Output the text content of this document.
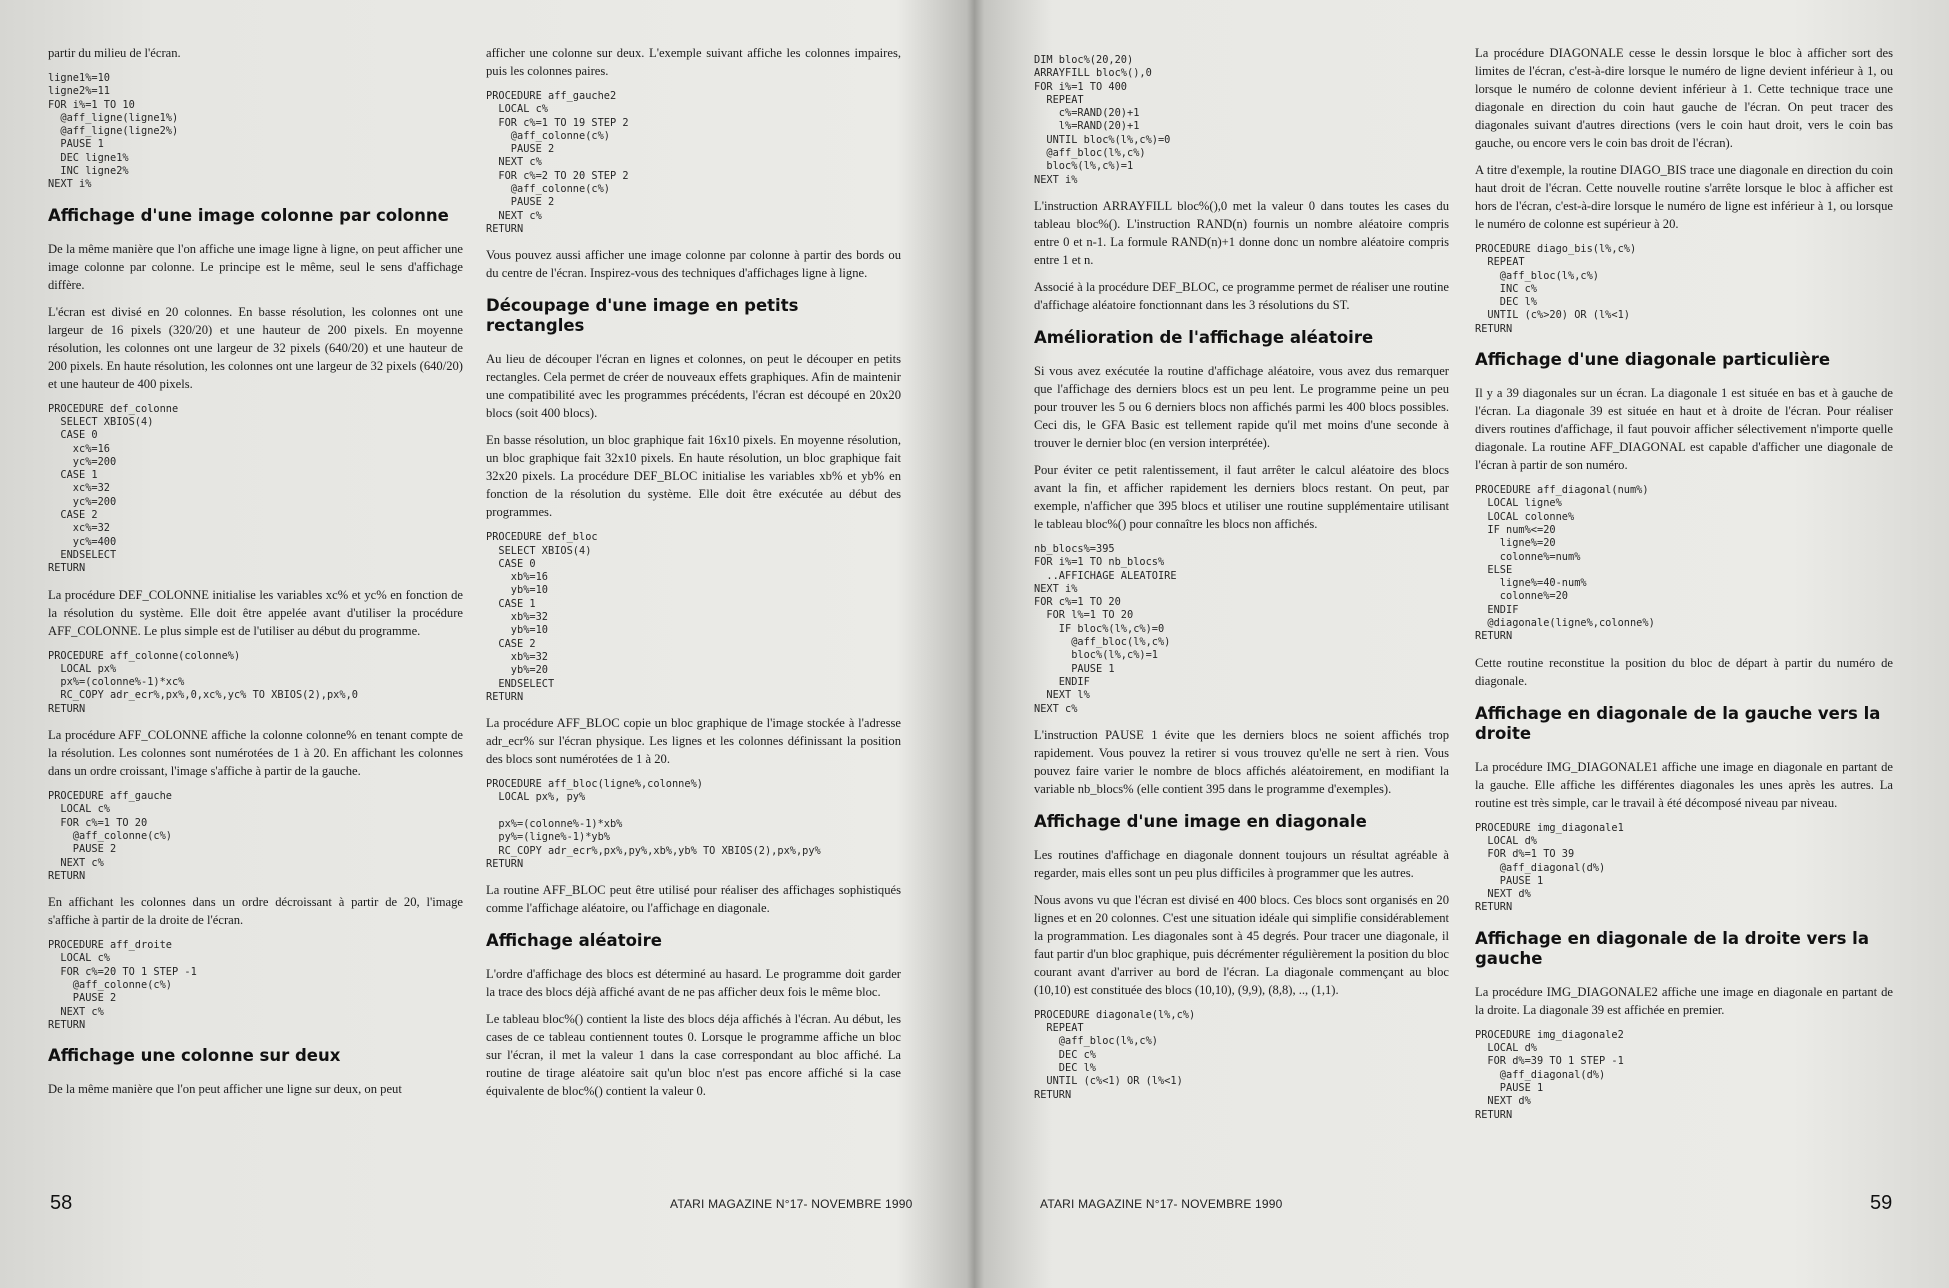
partir du milieu de l'écran.

ligne1%=10
ligne2%=11
FOR i%=1 TO 10
@aff_ligne(ligne1%)
@aff_ligne(ligne2%)
PAUSE 1
DEC ligne1%
INC ligne2%
NEXT i%
Affichage d'une image colonne par colonne

De la même manière que l'on affiche une image ligne à ligne, on peut afficher une image colonne par colonne. Le principe est le même, seul le sens d'affichage diffère.

L'écran est divisé en 20 colonnes. En basse résolution, les colonnes ont une largeur de 16 pixels (320/20) et une hauteur de 200 pixels. En moyenne résolution, les colonnes ont une largeur de 32 pixels (640/20) et une hauteur de 200 pixels. En haute résolution, les colonnes ont une largeur de 32 pixels (640/20) et une hauteur de 400 pixels.

PROCEDURE def_colonne
SELECT XBIOS(4)
CASE 0
xc%=16
yc%=200
CASE 1
xc%=32
yc%=200
CASE 2
xc%=32
yc%=400
ENDSELECT
RETURN

La procédure DEF_COLONNE initialise les variables xc% et yc% en fonction de la résolution du système. Elle doit être appelée avant d'utiliser la procédure AFF_COLONNE. Le plus simple est de l'utiliser au début du programme.

PROCEDURE aff_colonne(colonne%)
LOCAL px%
px%=(colonne%-1)*xc%
RC_COPY adr_ecr%,px%,0,xc%,yc% TO XBIOS(2),px%,0
RETURN

La procédure AFF_COLONNE affiche la colonne colonne% en tenant compte de la résolution. Les colonnes sont numérotées de 1 à 20. En affichant les colonnes dans un ordre croissant, l'image s'affiche à partir de la gauche.

PROCEDURE aff_gauche
LOCAL c%
FOR c%=1 TO 20
@aff_colonne(c%)
PAUSE 2
NEXT c%
RETURN

En affichant les colonnes dans un ordre décroissant à partir de 20, l'image s'affiche à partir de la droite de l'écran.

PROCEDURE aff_droite
LOCAL c%
FOR c%=20 TO 1 STEP -1
@aff_colonne(c%)
PAUSE 2
NEXT c%
RETURN
Affichage une colonne sur deux

De la même manière que l'on peut afficher une ligne sur deux, on peut

afficher une colonne sur deux. L'exemple suivant affiche les colonnes impaires, puis les colonnes paires.

PROCEDURE aff_gauche2
LOCAL c%
FOR c%=1 TO 19 STEP 2
@aff_colonne(c%)
PAUSE 2
NEXT c%
FOR c%=2 TO 20 STEP 2
@aff_colonne(c%)
PAUSE 2
NEXT c%
RETURN

Vous pouvez aussi afficher une image colonne par colonne à partir des bords ou du centre de l'écran. Inspirez-vous des techniques d'affichages ligne à ligne.

Découpage d'une image en petits rectangles

Au lieu de découper l'écran en lignes et colonnes, on peut le découper en petits rectangles. Cela permet de créer de nouveaux effets graphiques. Afin de maintenir une compatibilité avec les programmes précédents, l'écran est découpé en 20x20 blocs (soit 400 blocs).

En basse résolution, un bloc graphique fait 16x10 pixels. En moyenne résolution, un bloc graphique fait 32x10 pixels. En haute résolution, un bloc graphique fait 32x20 pixels. La procédure DEF_BLOC initialise les variables xb% et yb% en fonction de la résolution du système. Elle doit être exécutée au début des programmes.

PROCEDURE def_bloc
SELECT XBIOS(4)
CASE 0
xb%=16
yb%=10
CASE 1
xb%=32
yb%=10
CASE 2
xb%=32
yb%=20
ENDSELECT
RETURN

La procédure AFF_BLOC copie un bloc graphique de l'image stockée à l'adresse adr_ecr% sur l'écran physique. Les lignes et les colonnes définissant la position des blocs sont numérotées de 1 à 20.

PROCEDURE aff_bloc(ligne%,colonne%)
LOCAL px%, py%

px%=(colonne%-1)*xb%
py%=(ligne%-1)*yb%
RC_COPY adr_ecr%,px%,py%,xb%,yb% TO XBIOS(2),px%,py%
RETURN

La routine AFF_BLOC peut être utilisé pour réaliser des affichages sophistiqués comme l'affichage aléatoire, ou l'affichage en diagonale.

Affichage aléatoire

L'ordre d'affichage des blocs est déterminé au hasard. Le programme doit garder la trace des blocs déjà affiché avant de ne pas afficher deux fois le même bloc.

Le tableau bloc%() contient la liste des blocs déja affichés à l'écran. Au début, les cases de ce tableau contiennent toutes 0. Lorsque le programme affiche un bloc sur l'écran, il met la valeur 1 dans la case correspondant au bloc affiché. La routine de tirage aléatoire sait qu'un bloc n'est pas encore affiché si la case équivalente de bloc%() contient la valeur 0.

DIM bloc%(20,20)
ARRAYFILL bloc%(),0
FOR i%=1 TO 400
REPEAT
c%=RAND(20)+1
l%=RAND(20)+1
UNTIL bloc%(l%,c%)=0
@aff_bloc(l%,c%)
bloc%(l%,c%)=1
NEXT i%

L'instruction ARRAYFILL bloc%(),0 met la valeur 0 dans toutes les cases du tableau bloc%(). L'instruction RAND(n) fournis un nombre aléatoire compris entre 0 et n-1. La formule RAND(n)+1 donne donc un nombre aléatoire compris entre 1 et n.

Associé à la procédure DEF_BLOC, ce programme permet de réaliser une routine d'affichage aléatoire fonctionnant dans les 3 résolutions du ST.

Amélioration de l'affichage aléatoire

Si vous avez exécutée la routine d'affichage aléatoire, vous avez dus remarquer que l'affichage des derniers blocs est un peu lent. Le programme peine un peu pour trouver les 5 ou 6 derniers blocs non affichés parmi les 400 blocs possibles. Ceci dis, le GFA Basic est tellement rapide qu'il met moins d'une seconde à trouver le dernier bloc (en version interprétée).

Pour éviter ce petit ralentissement, il faut arrêter le calcul aléatoire des blocs avant la fin, et afficher rapidement les derniers blocs restant. On peut, par exemple, n'afficher que 395 blocs et utiliser une routine supplémentaire utilisant le tableau bloc%() pour connaître les blocs non affichés.

nb_blocs%=395
FOR i%=1 TO nb_blocs%
..AFFICHAGE ALEATOIRE
NEXT i%
FOR c%=1 TO 20
FOR l%=1 TO 20
IF bloc%(l%,c%)=0
@aff_bloc(l%,c%)
bloc%(l%,c%)=1
PAUSE 1
ENDIF
NEXT l%
NEXT c%

L'instruction PAUSE 1 évite que les derniers blocs ne soient affichés trop rapidement. Vous pouvez la retirer si vous trouvez qu'elle ne sert à rien. Vous pouvez faire varier le nombre de blocs affichés aléatoirement, en modifiant la variable nb_blocs% (elle contient 395 dans le programme d'exemples).

Affichage d'une image en diagonale

Les routines d'affichage en diagonale donnent toujours un résultat agréable à regarder, mais elles sont un peu plus difficiles à programmer que les autres.

Nous avons vu que l'écran est divisé en 400 blocs. Ces blocs sont organisés en 20 lignes et en 20 colonnes. C'est une situation idéale qui simplifie considérablement la programmation. Les diagonales sont à 45 degrés. Pour tracer une diagonale, il faut partir d'un bloc graphique, puis décrémenter régulièrement la position du bloc courant avant d'arriver au bord de l'écran. La diagonale commençant au bloc (10,10) est constituée des blocs (10,10), (9,9), (8,8), .., (1,1).

PROCEDURE diagonale(l%,c%)
REPEAT
@aff_bloc(l%,c%)
DEC c%
DEC l%
UNTIL (c%<1) OR (l%<1)
RETURN

La procédure DIAGONALE cesse le dessin lorsque le bloc à afficher sort des limites de l'écran, c'est-à-dire lorsque le numéro de ligne devient inférieur à 1, ou lorsque le numéro de colonne devient inférieur à 1. Cette technique trace une diagonale en direction du coin haut gauche de l'écran. On peut tracer des diagonales suivant d'autres directions (vers le coin haut droit, vers le coin bas gauche, ou encore vers le coin bas droit de l'écran).

A titre d'exemple, la routine DIAGO_BIS trace une diagonale en direction du coin haut droit de l'écran. Cette nouvelle routine s'arrête lorsque le bloc à afficher est hors de l'écran, c'est-à-dire lorsque le numéro de ligne est inférieur à 1, ou lorsque le numéro de colonne est supérieur à 20.

PROCEDURE diago_bis(l%,c%)
REPEAT
@aff_bloc(l%,c%)
INC c%
DEC l%
UNTIL (c%>20) OR (l%<1)
RETURN
Affichage d'une diagonale particulière

Il y a 39 diagonales sur un écran. La diagonale 1 est située en bas et à gauche de l'écran. La diagonale 39 est située en haut et à droite de l'écran. Pour réaliser divers routines d'affichage, il faut pouvoir afficher sélectivement n'importe quelle diagonale. La routine AFF_DIAGONAL est capable d'afficher une diagonale de l'écran à partir de son numéro.

PROCEDURE aff_diagonal(num%)
LOCAL ligne%
LOCAL colonne%
IF num%<=20
ligne%=20
colonne%=num%
ELSE
ligne%=40-num%
colonne%=20
ENDIF
@diagonale(ligne%,colonne%)
RETURN

Cette routine reconstitue la position du bloc de départ à partir du numéro de diagonale.

Affichage en diagonale de la gauche vers la droite

La procédure IMG_DIAGONALE1 affiche une image en diagonale en partant de la gauche. Elle affiche les différentes diagonales les unes après les autres. La routine est très simple, car le travail à été décomposé niveau par niveau.

PROCEDURE img_diagonale1
LOCAL d%
FOR d%=1 TO 39
@aff_diagonal(d%)
PAUSE 1
NEXT d%
RETURN
Affichage en diagonale de la droite vers la gauche

La procédure IMG_DIAGONALE2 affiche une image en diagonale en partant de la droite. La diagonale 39 est affichée en premier.

PROCEDURE img_diagonale2
LOCAL d%
FOR d%=39 TO 1 STEP -1
@aff_diagonal(d%)
PAUSE 1
NEXT d%
RETURN
58	ATARI MAGAZINE N°17- NOVEMBRE 1990	ATARI MAGAZINE N°17- NOVEMBRE 1990	59
